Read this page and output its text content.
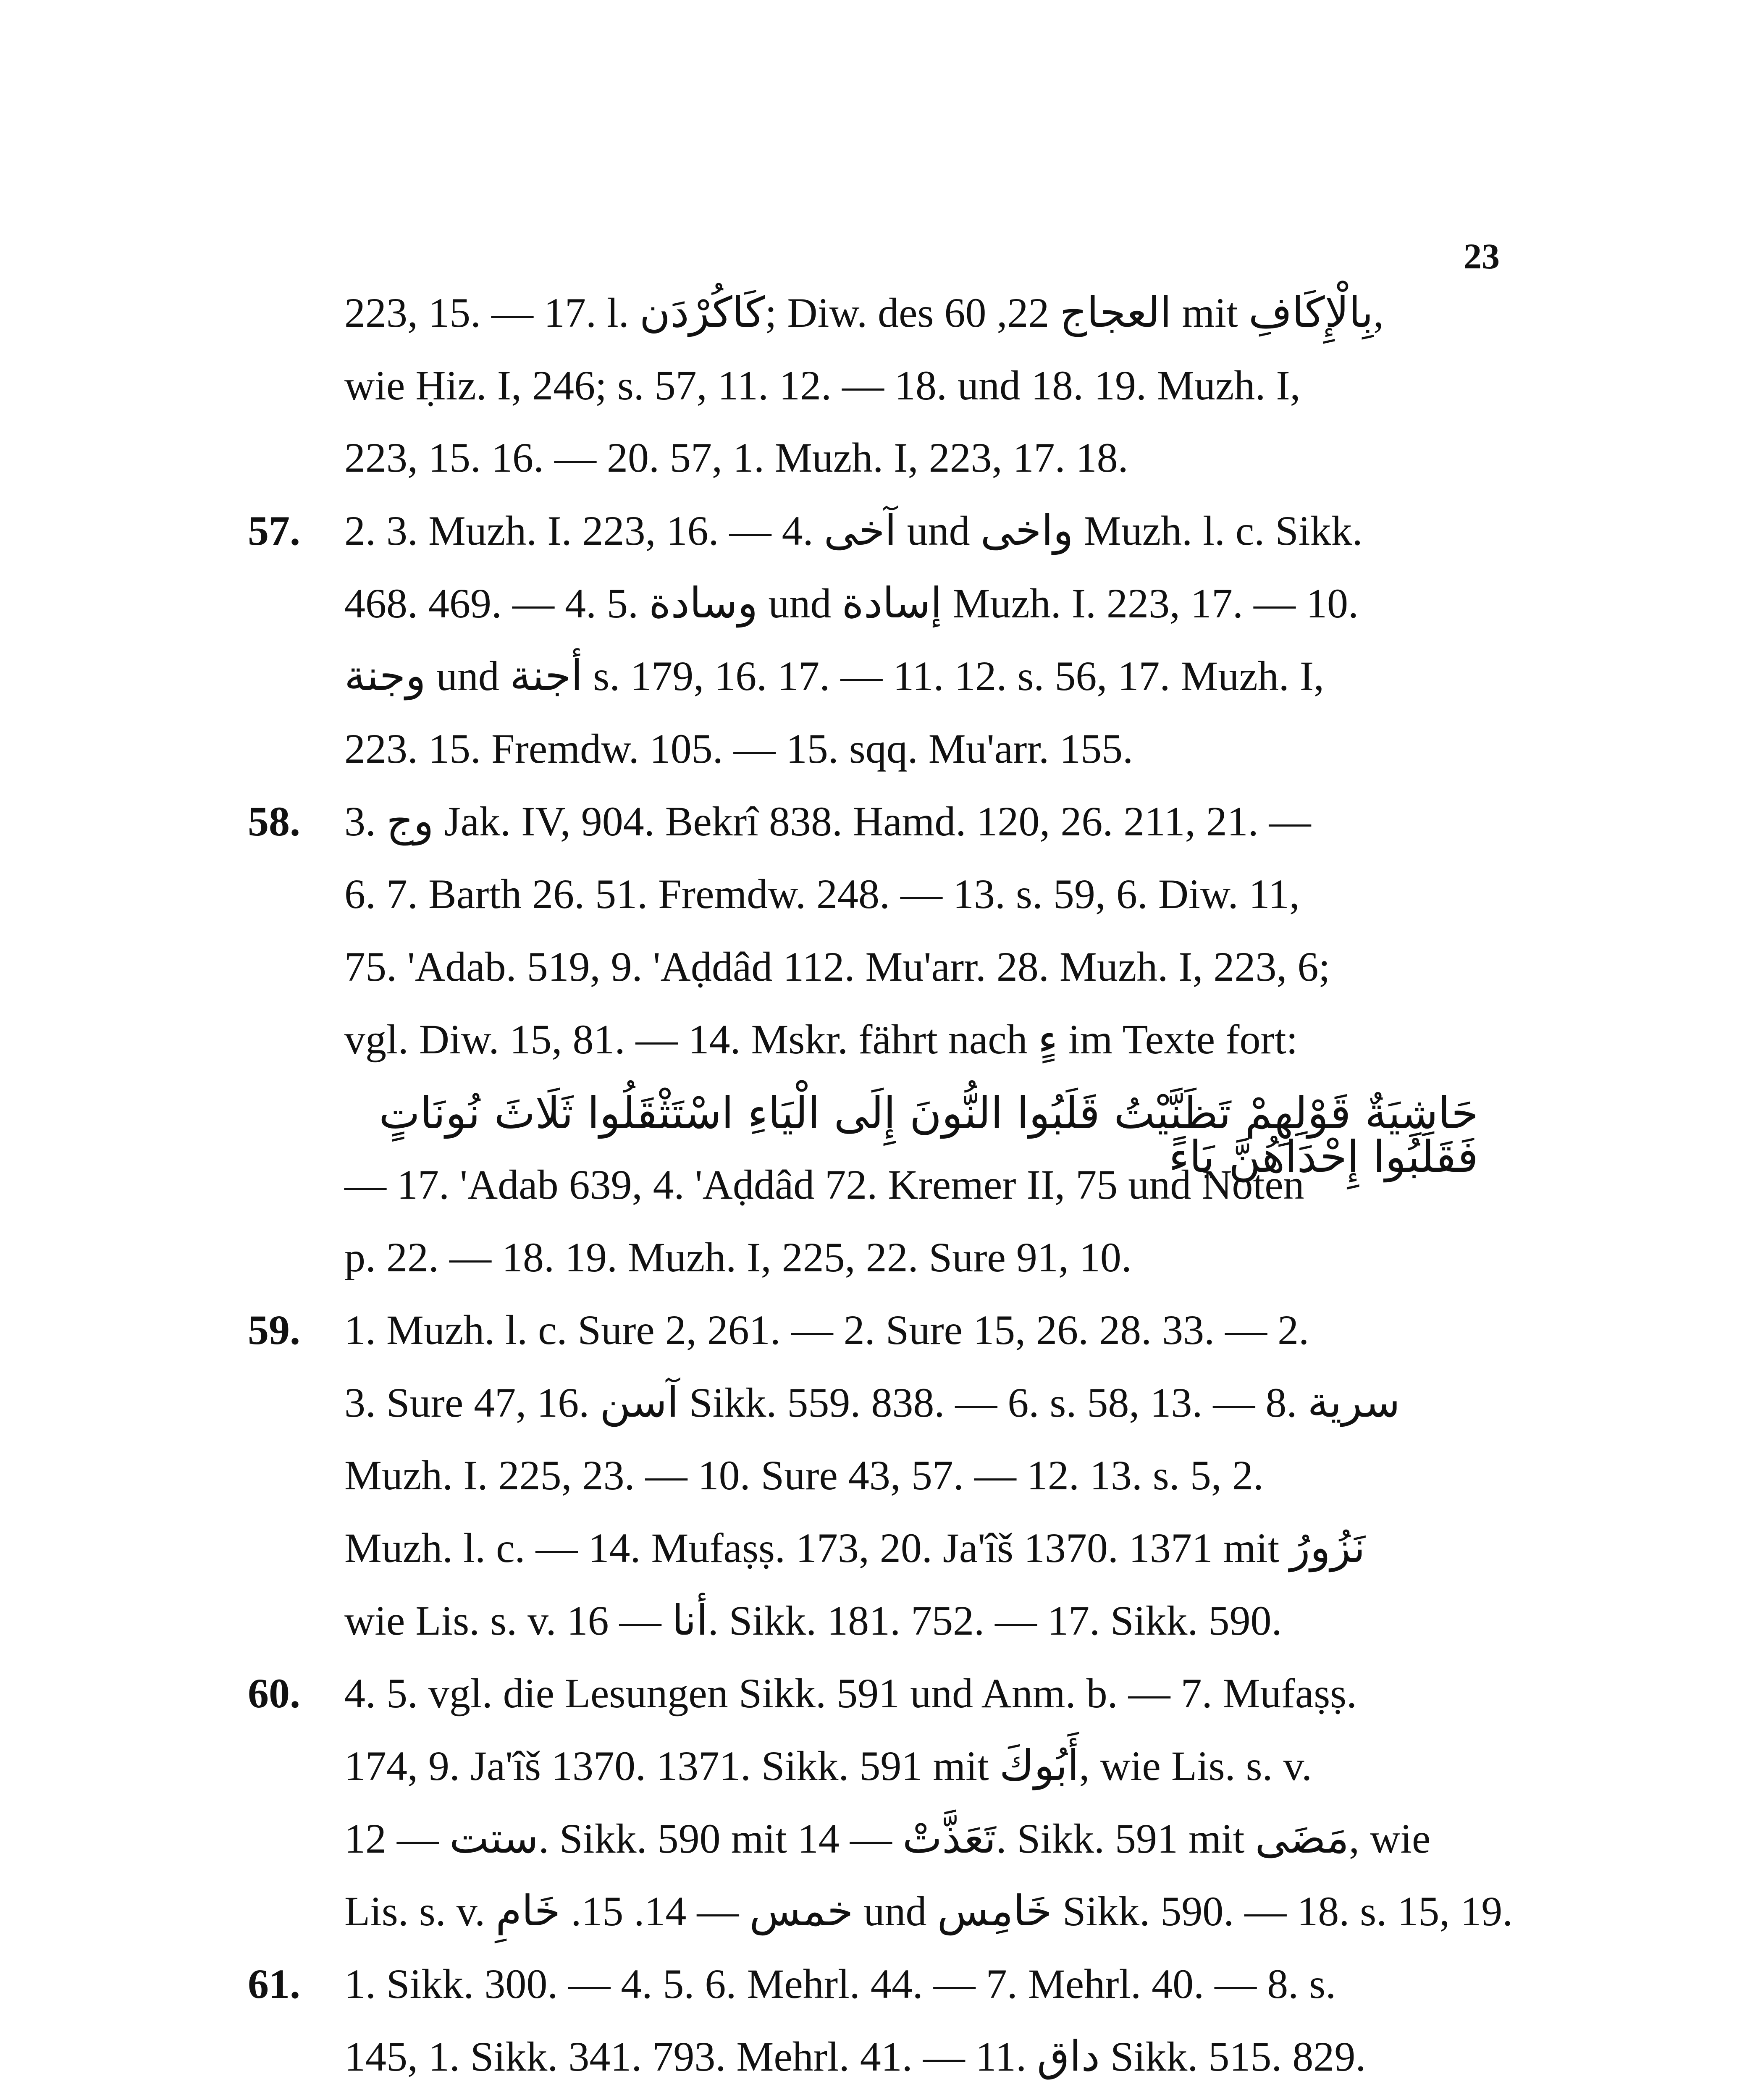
23
223, 15. — 17. l. كَاكُرْدَن; Diw. des العجاج 22, 60 mit بِالْإِكَافِ,
wie Ḥiz. I, 246; s. 57, 11. 12. — 18. und 18. 19. Muzh. I,
223, 15. 16. — 20. 57, 1. Muzh. I, 223, 17. 18.
57. 2. 3. Muzh. I. 223, 16. — 4. آخى und واخى Muzh. l. c. Sikk.
468. 469. — 4. 5. وسادة und إسادة Muzh. I. 223, 17. — 10.
وجنة und أجنة s. 179, 16. 17. — 11. 12. s. 56, 17. Muzh. I,
223. 15. Fremdw. 105. — 15. sqq. Mu'arr. 155.
58. 3. وج Jak. IV, 904. Bekrî 838. Hamd. 120, 26. 211, 21. —
6. 7. Barth 26. 51. Fremdw. 248. — 13. s. 59, 6. Diw. 11,
75. 'Adab. 519, 9. 'Aḍdâd 112. Mu'arr. 28. Muzh. I, 223, 6;
vgl. Diw. 15, 81. — 14. Mskr. fährt nach ءٍ im Texte fort:
حَاشِيَةٌ قَوْلِهِمْ تَظَنَّيْتُ قَلَبُوا النُّونَ إِلَى الْيَاءِ اسْتَثْقَلُوا ثَلَاثَ نُونَاتٍ فَقَلَبُوا إِحْدَاهُنَّ يَاءً
— 17. 'Adab 639, 4. 'Aḍdâd 72. Kremer II, 75 und Noten
p. 22. — 18. 19. Muzh. I, 225, 22. Sure 91, 10.
59. 1. Muzh. l. c. Sure 2, 261. — 2. Sure 15, 26. 28. 33. — 2.
3. Sure 47, 16. آسن Sikk. 559. 838. — 6. s. 58, 13. — 8. سرية
Muzh. I. 225, 23. — 10. Sure 43, 57. — 12. 13. s. 5, 2.
Muzh. l. c. — 14. Mufaṣṣ. 173, 20. Ja'îš 1370. 1371 mit نَزُورُ
wie Lis. s. v. أنا — 16. Sikk. 181. 752. — 17. Sikk. 590.
60. 4. 5. vgl. die Lesungen Sikk. 591 und Anm. b. — 7. Mufaṣṣ.
174, 9. Ja'îš 1370. 1371. Sikk. 591 mit أَبُوكَ, wie Lis. s. v.
ستت — 12. Sikk. 590 mit تَعَذَّتْ — 14. Sikk. 591 mit مَضَى, wie
Lis. s. v. خمس — 14. 15. خَامِ und خَامِس Sikk. 590. — 18. s. 15, 19.
61. 1. Sikk. 300. — 4. 5. 6. Mehrl. 44. — 7. Mehrl. 40. — 8. s.
145, 1. Sikk. 341. 793. Mehrl. 41. — 11. داق Sikk. 515. 829.
